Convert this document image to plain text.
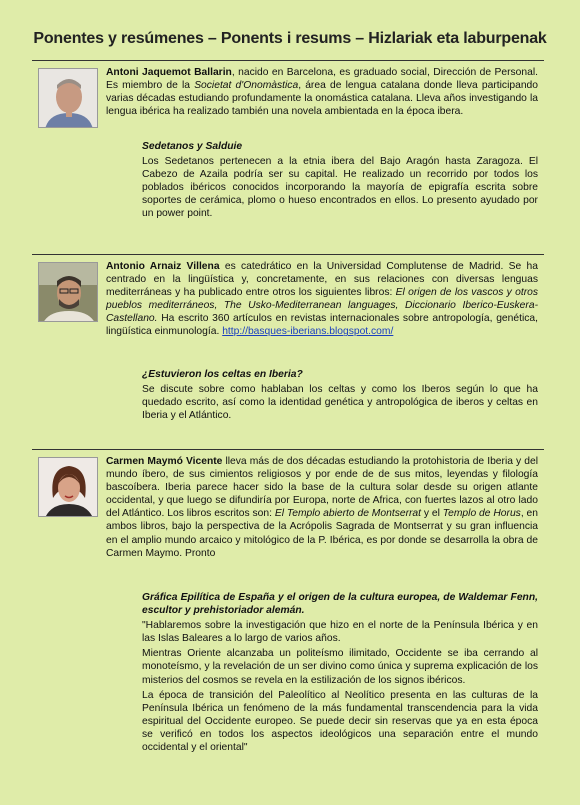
Ponentes y resúmenes – Ponents i resums – Hizlariak eta laburpenak
Antoni Jaquemot Ballarin, nacido en Barcelona, es graduado social, Dirección de Personal. Es miembro de la Societat d'Onomàstica, área de lengua catalana donde lleva participando varias décadas estudiando profundamente la onomástica catalana. Lleva años investigando la lengua ibérica ha realizado también una novela ambientada en la época ibera.

Sedetanos y Salduie

Los Sedetanos pertenecen a la etnia ibera del Bajo Aragón hasta Zaragoza. El Cabezo de Azaila podría ser su capital. He realizado un recorrido por todos los poblados ibéricos conocidos incorporando la mayoría de epigrafía escrita sobre soportes de cerámica, plomo o hueso encontrados en ellos. Lo presento ayudado por un power point.

Antonio Arnaiz Villena es catedrático en la Universidad Complutense de Madrid. Se ha centrado en la lingüística y, concretamente, en sus relaciones con diversas lenguas mediterráneas y ha publicado entre otros los siguientes libros: El origen de los vascos y otros pueblos mediterráneos, The Usko-Mediterranean languages, Diccionario Iberico-Euskera-Castellano. Ha escrito 360 artículos en revistas internacionales sobre antropología, genética, lingüística einmunología. http://basques-iberians.blogspot.com/

¿Estuvieron los celtas en Iberia?

Se discute sobre como hablaban los celtas y como los Iberos según lo que ha quedado escrito, así como la identidad genética y antropológica de iberos y celtas en Iberia y el Atlántico.

Carmen Maymó Vicente lleva más de dos décadas estudiando la protohistoria de Iberia y del mundo íbero, de sus cimientos religiosos y por ende de de sus mitos, leyendas y filología bascoíbera. Iberia parece hacer sido la base de la cultura solar desde su origen atlante occidental, y que luego se difundiría por Europa, norte de Africa, con fuertes lazos al otro lado del Atlántico. Los libros escritos son: El Templo abierto de Montserrat y el Templo de Horus, en ambos libros, bajo la perspectiva de la Acrópolis Sagrada de Montserrat y su gran influencia en el amplio mundo arcaico y mitológico de la P. Ibérica, es por donde se desarrolla la obra de Carmen Maymo. Pronto

Gráfica Epilítica de España y el origen de la cultura europea, de Waldemar Fenn, escultor y prehistoriador alemán.

"Hablaremos sobre la investigación que hizo en el norte de la Península Ibérica y en las Islas Baleares a lo largo de varios años.

Mientras Oriente alcanzaba un politeísmo ilimitado, Occidente se iba cerrando al monoteísmo, y la revelación de un ser divino como única y suprema explicación de los misterios del cosmos se revela en la estilización de los signos ibéricos.

La época de transición del Paleolítico al Neolítico presenta en las culturas de la Península Ibérica un fenómeno de la más fundamental transcendencia para la vida espiritual del Occidente europeo. Se puede decir sin reservas que ya en esta época se verificó en todos los aspectos ideológicos una separación entre el mundo occidental y el oriental"
